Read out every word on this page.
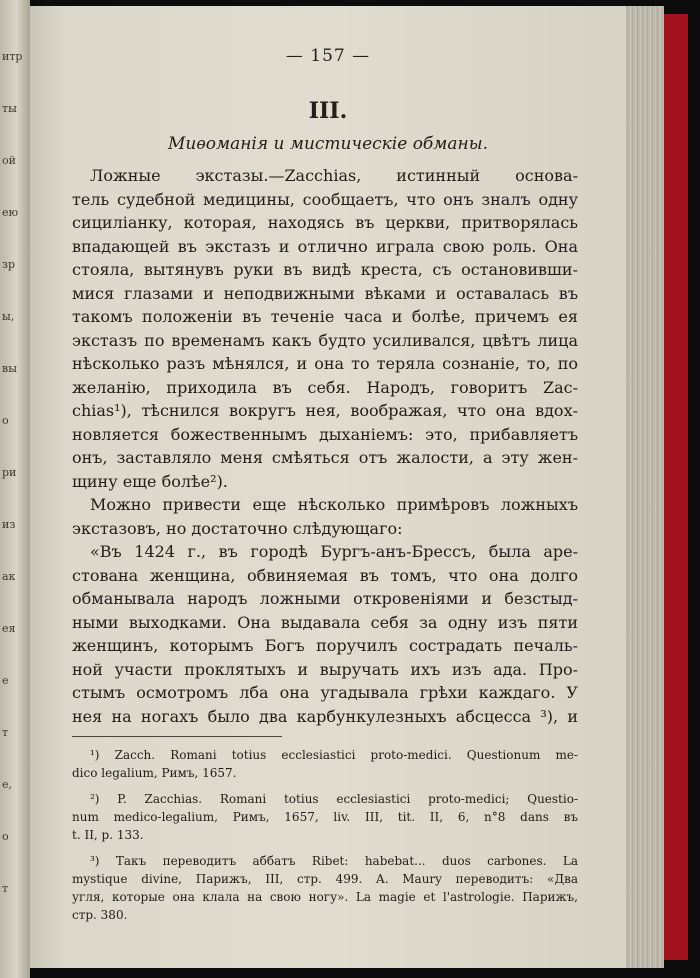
итр
ты
ой
ею
зр
ы,
вы
о
ри
из
ак
ея
е
т
е,
о
т
— 157 —
III.
Миѳоманія и мистическіе обманы.
Ложные экстазы.—Zacchias, истинный основа-
тель судебной медицины, сообщаетъ, что онъ зналъ одну
сициліанку, которая, находясь въ церкви, притворялась
впадающей въ экстазъ и отлично играла свою роль. Она
стояла, вытянувъ руки въ видѣ креста, съ остановивши-
мися глазами и неподвижными вѣками и оставалась въ
такомъ положеніи въ теченіе часа и болѣе, причемъ ея
экстазъ по временамъ какъ будто усиливался, цвѣтъ лица
нѣсколько разъ мѣнялся, и она то теряла сознаніе, то, по
желанію, приходила въ себя. Народъ, говоритъ Zac-
chias¹), тѣснился вокругъ нея, воображая, что она вдох-
новляется божественнымъ дыханіемъ: это, прибавляетъ
онъ, заставляло меня смѣяться отъ жалости, а эту жен-
щину еще болѣе²).
Можно привести еще нѣсколько примѣровъ ложныхъ
экстазовъ, но достаточно слѣдующаго:
«Въ 1424 г., въ городѣ Бургъ-анъ-Брессъ, была аре-
стована женщина, обвиняемая въ томъ, что она долго
обманывала народъ ложными откровеніями и безстыд-
ными выходками. Она выдавала себя за одну изъ пяти
женщинъ, которымъ Богъ поручилъ сострадать печаль-
ной участи проклятыхъ и выручать ихъ изъ ада. Про-
стымъ осмотромъ лба она угадывала грѣхи каждаго. У
нея на ногахъ было два карбункулезныхъ абсцесса ³), и
¹) Zacch. Romani totius ecclesiastici proto-medici. Questionum me-
dico legalium, Римъ, 1657.
²) P. Zacchias. Romani totius ecclesiastici proto-medici; Questio-
num medico-legalium, Римъ, 1657, liv. III, tit. II, 6, n°8 dans въ
t. II, p. 133.
³) Такъ переводитъ аббатъ Ribet: habebat... duos carbones. La
mystique divine, Парижъ, III, стр. 499. A. Maury переводитъ: «Два
угля, которые она клала на свою ногу». La magie et l'astrologie. Парижъ,
стр. 380.
